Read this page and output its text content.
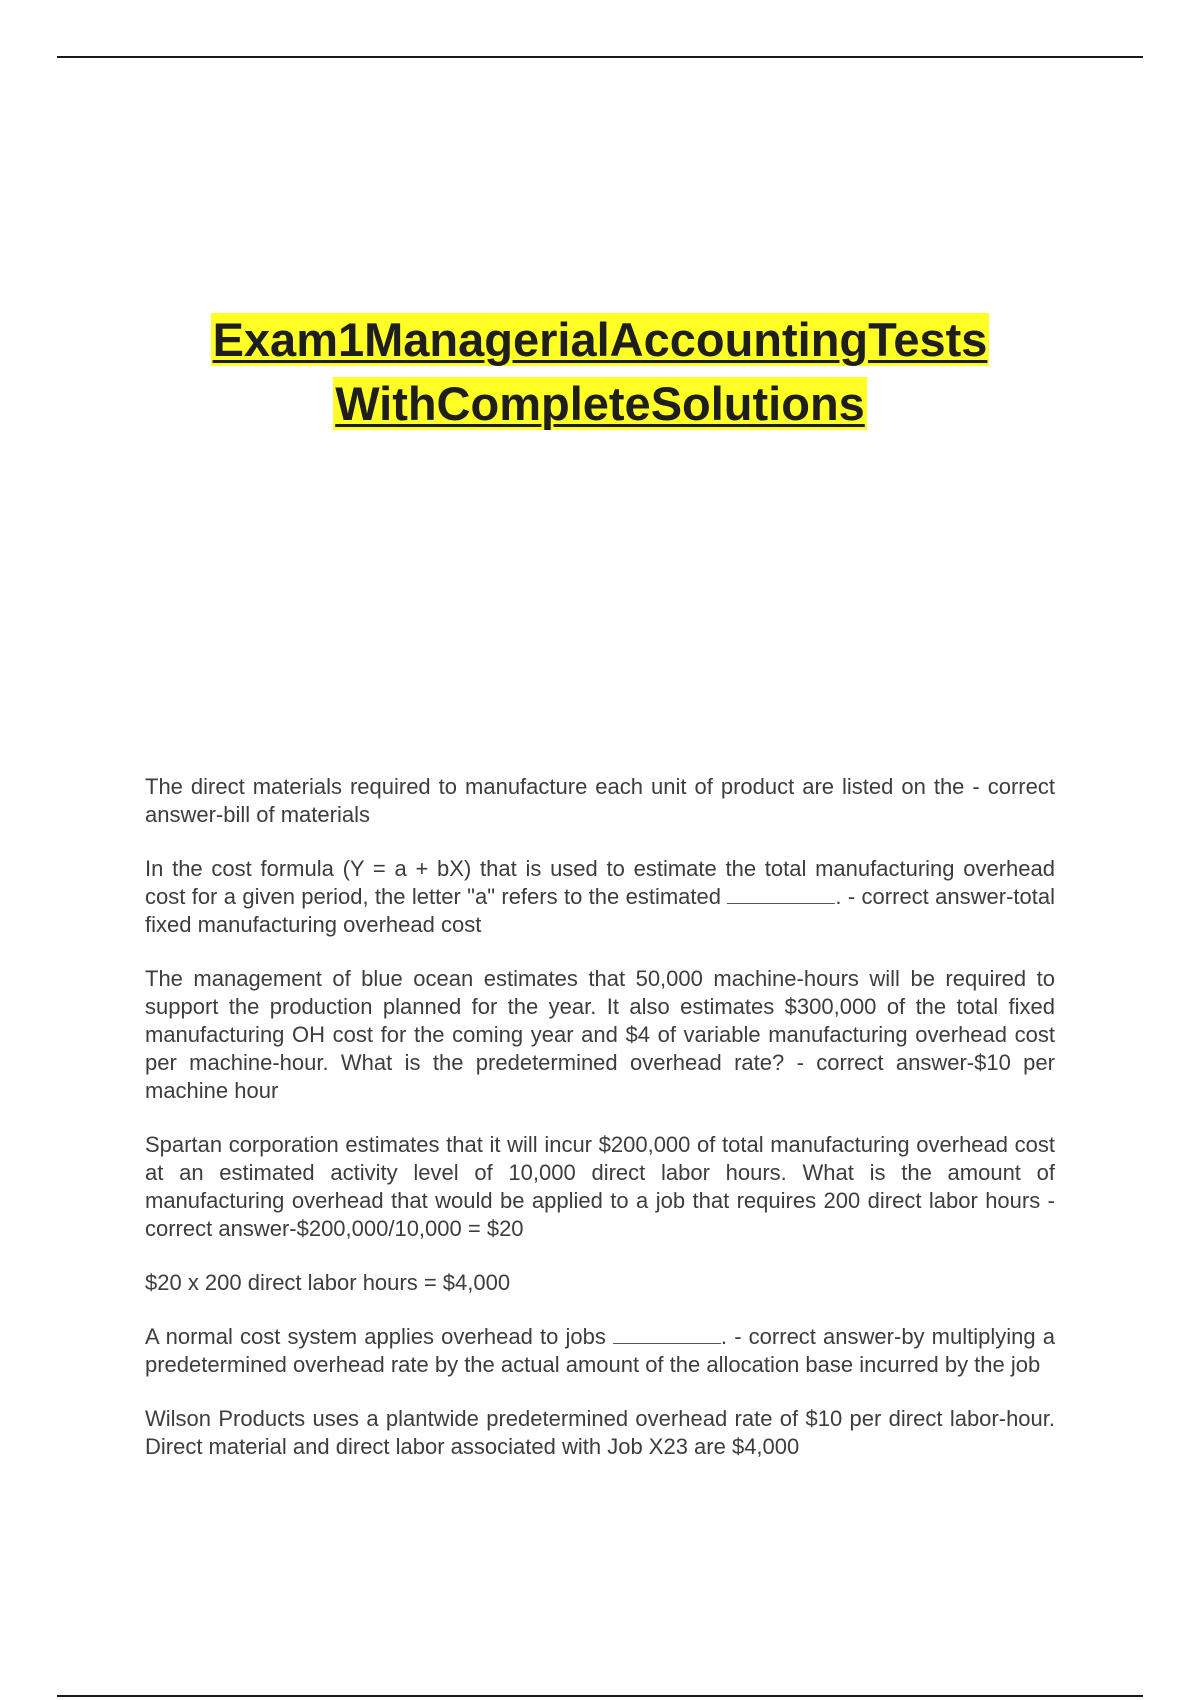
Exam1ManagerialAccountingTests
WithCompleteSolutions
The direct materials required to manufacture each unit of product are listed on the - correct answer-bill of materials
In the cost formula (Y = a + bX) that is used to estimate the total manufacturing overhead cost for a given period, the letter "a" refers to the estimated	. - correct answer-total fixed manufacturing overhead cost
The management of blue ocean estimates that 50,000 machine-hours will be required to support the production planned for the year. It also estimates $300,000 of the total fixed manufacturing OH cost for the coming year and $4 of variable manufacturing overhead cost per machine-hour. What is the predetermined overhead rate? - correct answer-$10 per machine hour
Spartan corporation estimates that it will incur $200,000 of total manufacturing overhead cost at an estimated activity level of 10,000 direct labor hours. What is the amount of manufacturing overhead that would be applied to a job that requires 200 direct labor hours - correct answer-$200,000/10,000 = $20
$20 x 200 direct labor hours = $4,000
A normal cost system applies overhead to jobs	. - correct answer-by multiplying a predetermined overhead rate by the actual amount of the allocation base incurred by the job
Wilson Products uses a plantwide predetermined overhead rate of $10 per direct labor-hour. Direct material and direct labor associated with Job X23 are $4,000
